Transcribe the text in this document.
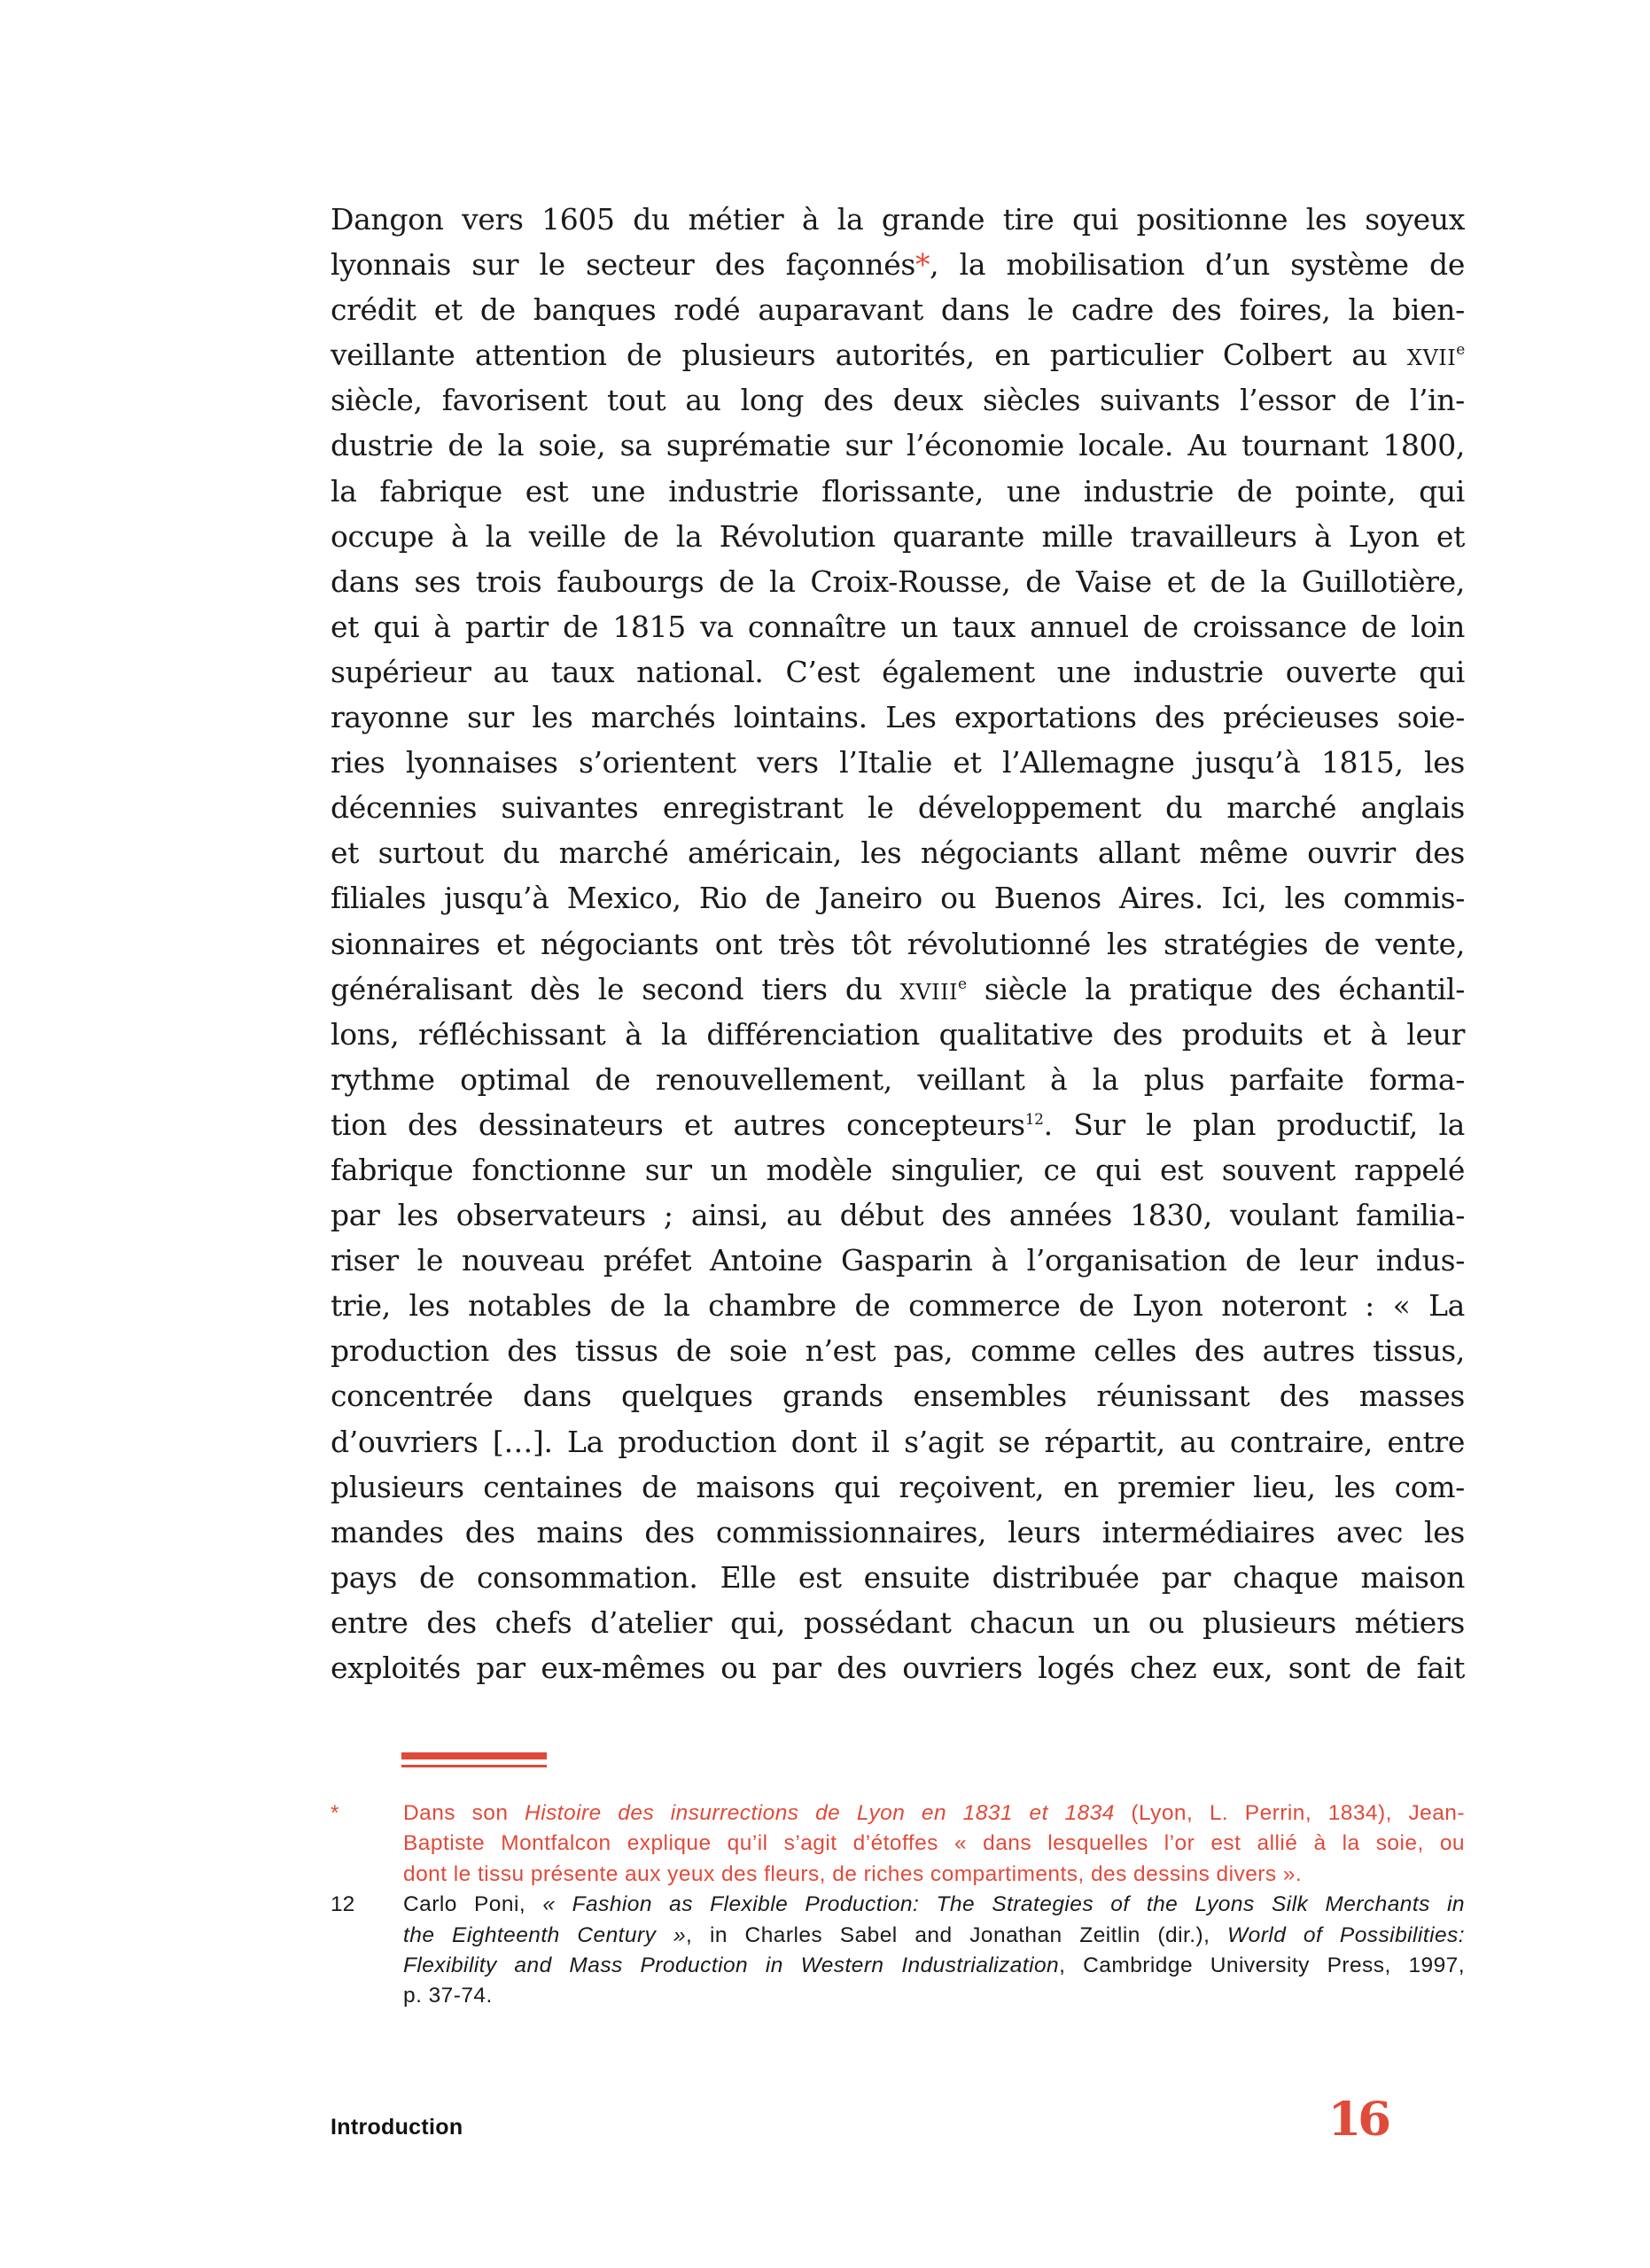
Dangon vers 1605 du métier à la grande tire qui positionne les soyeux
lyonnais sur le secteur des façonnés*, la mobilisation d’un système de
crédit et de banques rodé auparavant dans le cadre des foires, la bien-
veillante attention de plusieurs autorités, en particulier Colbert au XVIIe
siècle, favorisent tout au long des deux siècles suivants l’essor de l’in-
dustrie de la soie, sa suprématie sur l’économie locale. Au tournant 1800,
la fabrique est une industrie florissante, une industrie de pointe, qui
occupe à la veille de la Révolution quarante mille travailleurs à Lyon et
dans ses trois faubourgs de la Croix-Rousse, de Vaise et de la Guillotière,
et qui à partir de 1815 va connaître un taux annuel de croissance de loin
supérieur au taux national. C’est également une industrie ouverte qui
rayonne sur les marchés lointains. Les exportations des précieuses soie-
ries lyonnaises s’orientent vers l’Italie et l’Allemagne jusqu’à 1815, les
décennies suivantes enregistrant le développement du marché anglais
et surtout du marché américain, les négociants allant même ouvrir des
filiales jusqu’à Mexico, Rio de Janeiro ou Buenos Aires. Ici, les commis-
sionnaires et négociants ont très tôt révolutionné les stratégies de vente,
généralisant dès le second tiers du XVIIIe siècle la pratique des échantil-
lons, réfléchissant à la différenciation qualitative des produits et à leur
rythme optimal de renouvellement, veillant à la plus parfaite forma-
tion des dessinateurs et autres concepteurs$^{12}$. Sur le plan productif, la
fabrique fonctionne sur un modèle singulier, ce qui est souvent rappelé
par les observateurs ; ainsi, au début des années 1830, voulant familia-
riser le nouveau préfet Antoine Gasparin à l’organisation de leur indus-
trie, les notables de la chambre de commerce de Lyon noteront : « La
production des tissus de soie n’est pas, comme celles des autres tissus,
concentrée dans quelques grands ensembles réunissant des masses
d’ouvriers […]. La production dont il s’agit se répartit, au contraire, entre
plusieurs centaines de maisons qui reçoivent, en premier lieu, les com-
mandes des mains des commissionnaires, leurs intermédiaires avec les
pays de consommation. Elle est ensuite distribuée par chaque maison
entre des chefs d’atelier qui, possédant chacun un ou plusieurs métiers
exploités par eux-mêmes ou par des ouvriers logés chez eux, sont de fait
*	Dans son Histoire des insurrections de Lyon en 1831 et 1834 (Lyon, L. Perrin, 1834), Jean-
Baptiste Montfalcon explique qu’il s’agit d’étoffes « dans lesquelles l’or est allié à la soie, ou
dont le tissu présente aux yeux des fleurs, de riches compartiments, des dessins divers ».
12 Carlo Poni, « Fashion as Flexible Production: The Strategies of the Lyons Silk Merchants in
the Eighteenth Century », in Charles Sabel and Jonathan Zeitlin (dir.), World of Possibilities:
Flexibility and Mass Production in Western Industrialization, Cambridge University Press, 1997,
p. 37-74.
Introduction	16
